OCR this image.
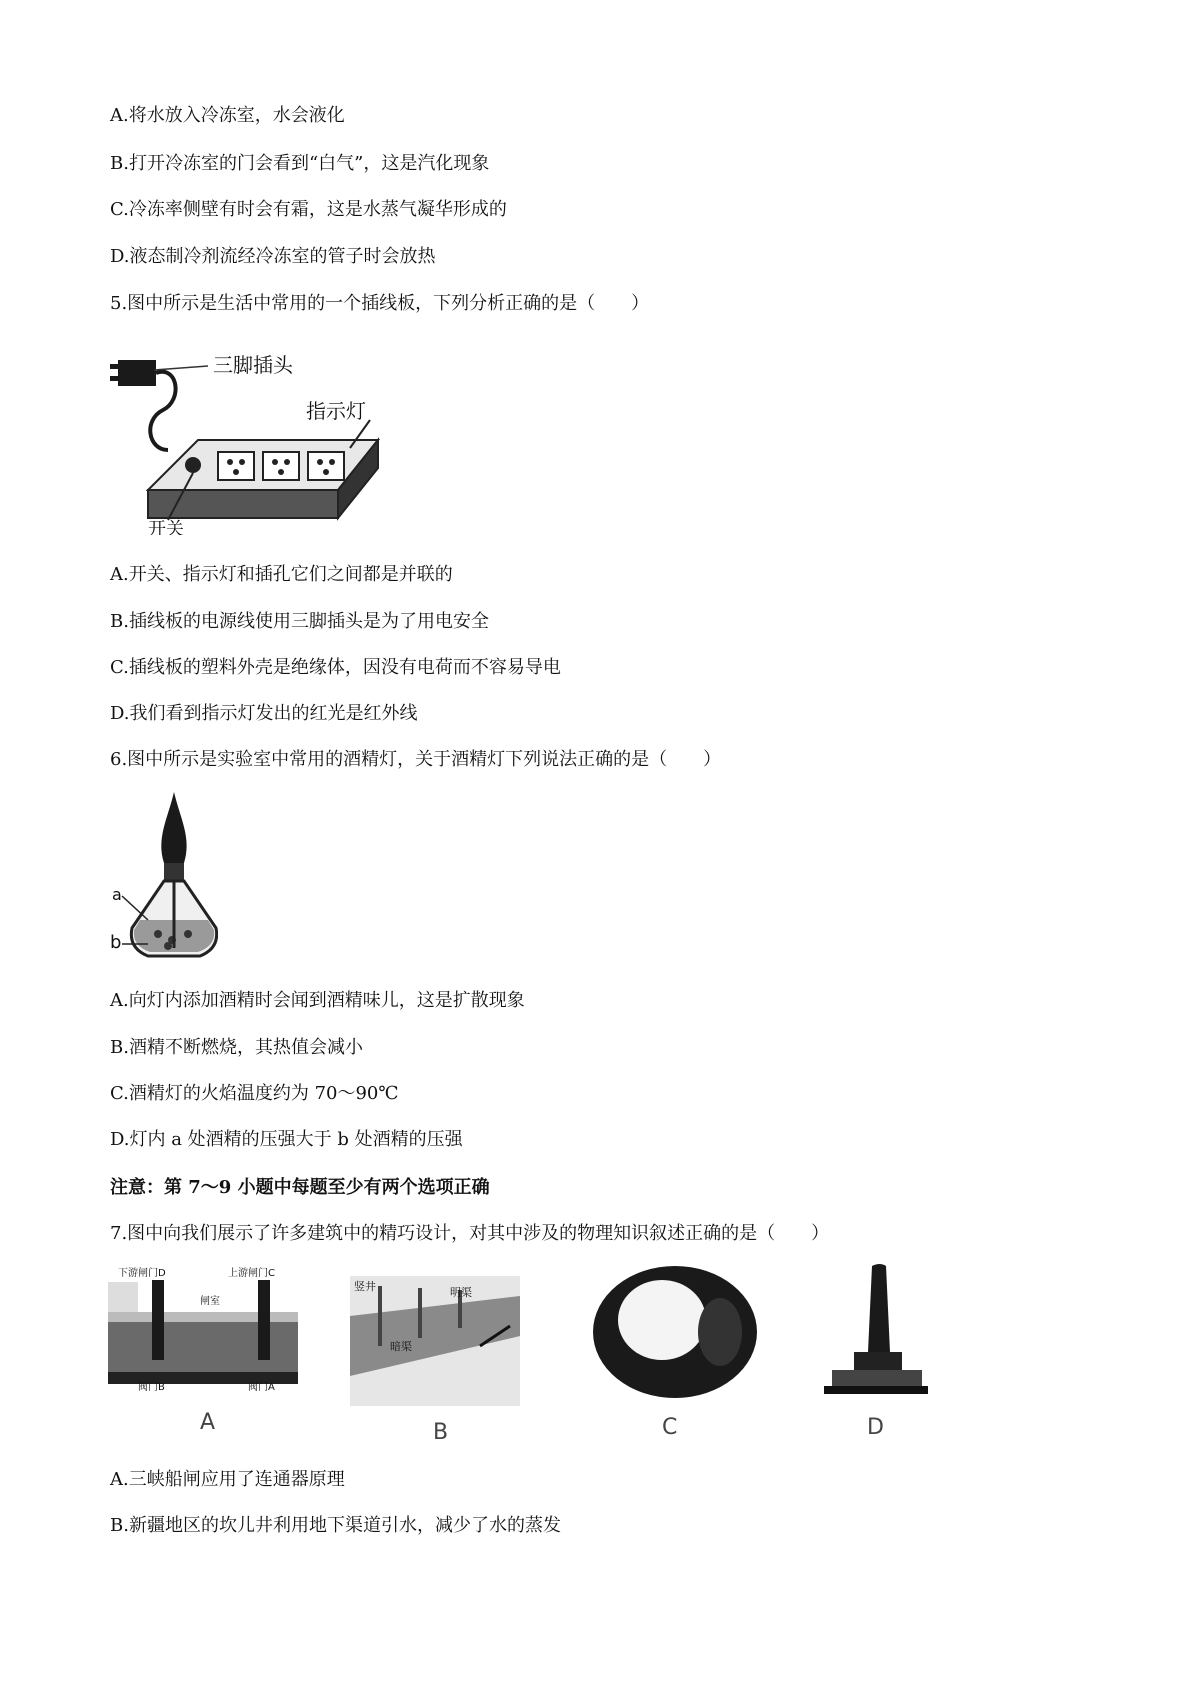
A.将水放入冷冻室，水会液化
B.打开冷冻室的门会看到“白气”，这是汽化现象
C.冷冻率侧壁有时会有霜，这是水蒸气凝华形成的
D.液态制冷剂流经冷冻室的管子时会放热
5.图中所示是生活中常用的一个插线板，下列分析正确的是（　　）
三脚插头
开关
指示灯
A.开关、指示灯和插孔它们之间都是并联的
B.插线板的电源线使用三脚插头是为了用电安全
C.插线板的塑料外壳是绝缘体，因没有电荷而不容易导电
D.我们看到指示灯发出的红光是红外线
6.图中所示是实验室中常用的酒精灯，关于酒精灯下列说法正确的是（　　）
a
b
A.向灯内添加酒精时会闻到酒精味儿，这是扩散现象
B.酒精不断燃烧，其热值会减小
C.酒精灯的火焰温度约为 70～90℃
D.灯内 a 处酒精的压强大于 b 处酒精的压强
注意：第 7～9 小题中每题至少有两个选项正确
7.图中向我们展示了许多建筑中的精巧设计，对其中涉及的物理知识叙述正确的是（　　）
下游闸门D	上游闸门C
闸室
阀门B	阀门A
A
竖井
暗渠
明渠
B	C	D
A.三峡船闸应用了连通器原理
B.新疆地区的坎儿井利用地下渠道引水，减少了水的蒸发
